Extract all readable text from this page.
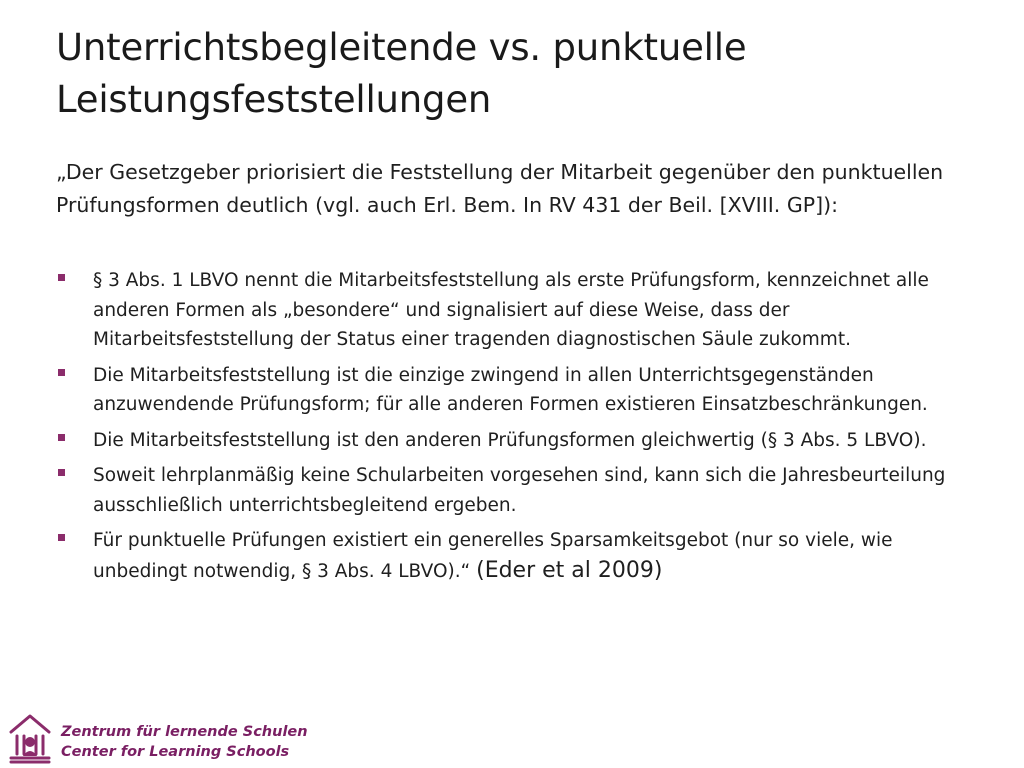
Unterrichtsbegleitende vs. punktuelle
Leistungsfeststellungen

„Der Gesetzgeber priorisiert die Feststellung der Mitarbeit gegenüber den punktuellen Prüfungsformen deutlich (vgl. auch Erl. Bem. In RV 431 der Beil. [XVIII. GP]):

§ 3 Abs. 1 LBVO nennt die Mitarbeitsfeststellung als erste Prüfungsform, kennzeichnet alle anderen Formen als „besondere“ und signalisiert auf diese Weise, dass der Mitarbeitsfeststellung der Status einer tragenden diagnostischen Säule zukommt.
Die Mitarbeitsfeststellung ist die einzige zwingend in allen Unterrichtsgegenständen anzuwendende Prüfungsform; für alle anderen Formen existieren Einsatzbeschränkungen.
Die Mitarbeitsfeststellung ist den anderen Prüfungsformen gleichwertig (§ 3 Abs. 5 LBVO).
Soweit lehrplanmäßig keine Schularbeiten vorgesehen sind, kann sich die Jahresbeurteilung ausschließlich unterrichtsbegleitend ergeben.
Für punktuelle Prüfungen existiert ein generelles Sparsamkeitsgebot (nur so viele, wie unbedingt notwendig, § 3 Abs. 4 LBVO).“ (Eder et al 2009)
Zentrum für lernende Schulen
Center for Learning Schools
